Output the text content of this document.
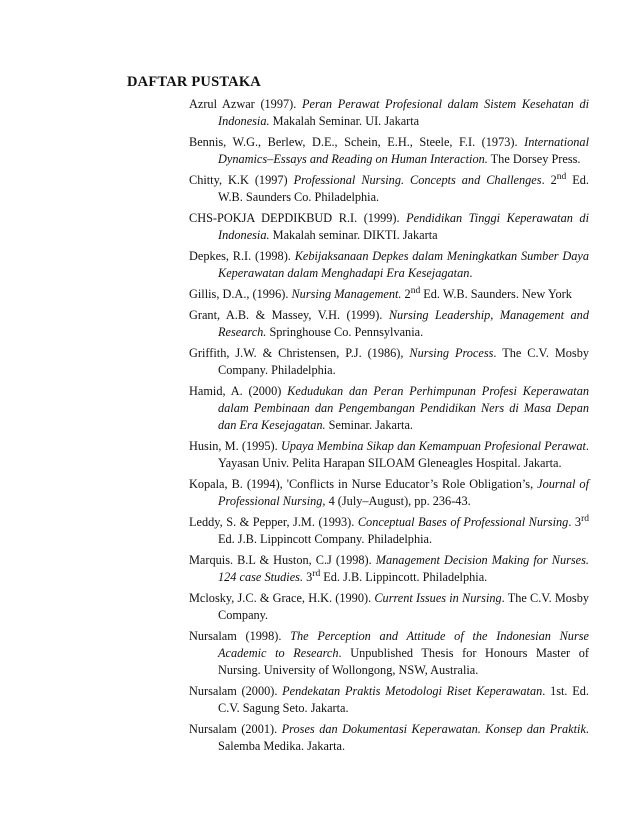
DAFTAR PUSTAKA
Azrul Azwar (1997). Peran Perawat Profesional dalam Sistem Kesehatan di Indonesia. Makalah Seminar. UI. Jakarta
Bennis, W.G., Berlew, D.E., Schein, E.H., Steele, F.I. (1973). International Dynamics–Essays and Reading on Human Interaction. The Dorsey Press.
Chitty, K.K (1997) Professional Nursing. Concepts and Challenges. 2nd Ed. W.B. Saunders Co. Philadelphia.
CHS-POKJA DEPDIKBUD R.I. (1999). Pendidikan Tinggi Keperawatan di Indonesia. Makalah seminar. DIKTI. Jakarta
Depkes, R.I. (1998). Kebijaksanaan Depkes dalam Meningkatkan Sumber Daya Keperawatan dalam Menghadapi Era Kesejagatan.
Gillis, D.A., (1996). Nursing Management. 2nd Ed. W.B. Saunders. New York
Grant, A.B. & Massey, V.H. (1999). Nursing Leadership, Management and Research. Springhouse Co. Pennsylvania.
Griffith, J.W. & Christensen, P.J. (1986), Nursing Process. The C.V. Mosby Company. Philadelphia.
Hamid, A. (2000) Kedudukan dan Peran Perhimpunan Profesi Keperawatan dalam Pembinaan dan Pengembangan Pendidikan Ners di Masa Depan dan Era Kesejagatan. Seminar. Jakarta.
Husin, M. (1995). Upaya Membina Sikap dan Kemampuan Profesional Perawat. Yayasan Univ. Pelita Harapan SILOAM Gleneagles Hospital. Jakarta.
Kopala, B. (1994), 'Conflicts in Nurse Educator’s Role Obligation’s, Journal of Professional Nursing, 4 (July–August), pp. 236-43.
Leddy, S. & Pepper, J.M. (1993). Conceptual Bases of Professional Nursing. 3rd Ed. J.B. Lippincott Company. Philadelphia.
Marquis. B.L & Huston, C.J (1998). Management Decision Making for Nurses. 124 case Studies. 3rd Ed. J.B. Lippincott. Philadelphia.
Mclosky, J.C. & Grace, H.K. (1990). Current Issues in Nursing. The C.V. Mosby Company.
Nursalam (1998). The Perception and Attitude of the Indonesian Nurse Academic to Research. Unpublished Thesis for Honours Master of Nursing. University of Wollongong, NSW, Australia.
Nursalam (2000). Pendekatan Praktis Metodologi Riset Keperawatan. 1st. Ed. C.V. Sagung Seto. Jakarta.
Nursalam (2001). Proses dan Dokumentasi Keperawatan. Konsep dan Praktik. Salemba Medika. Jakarta.
